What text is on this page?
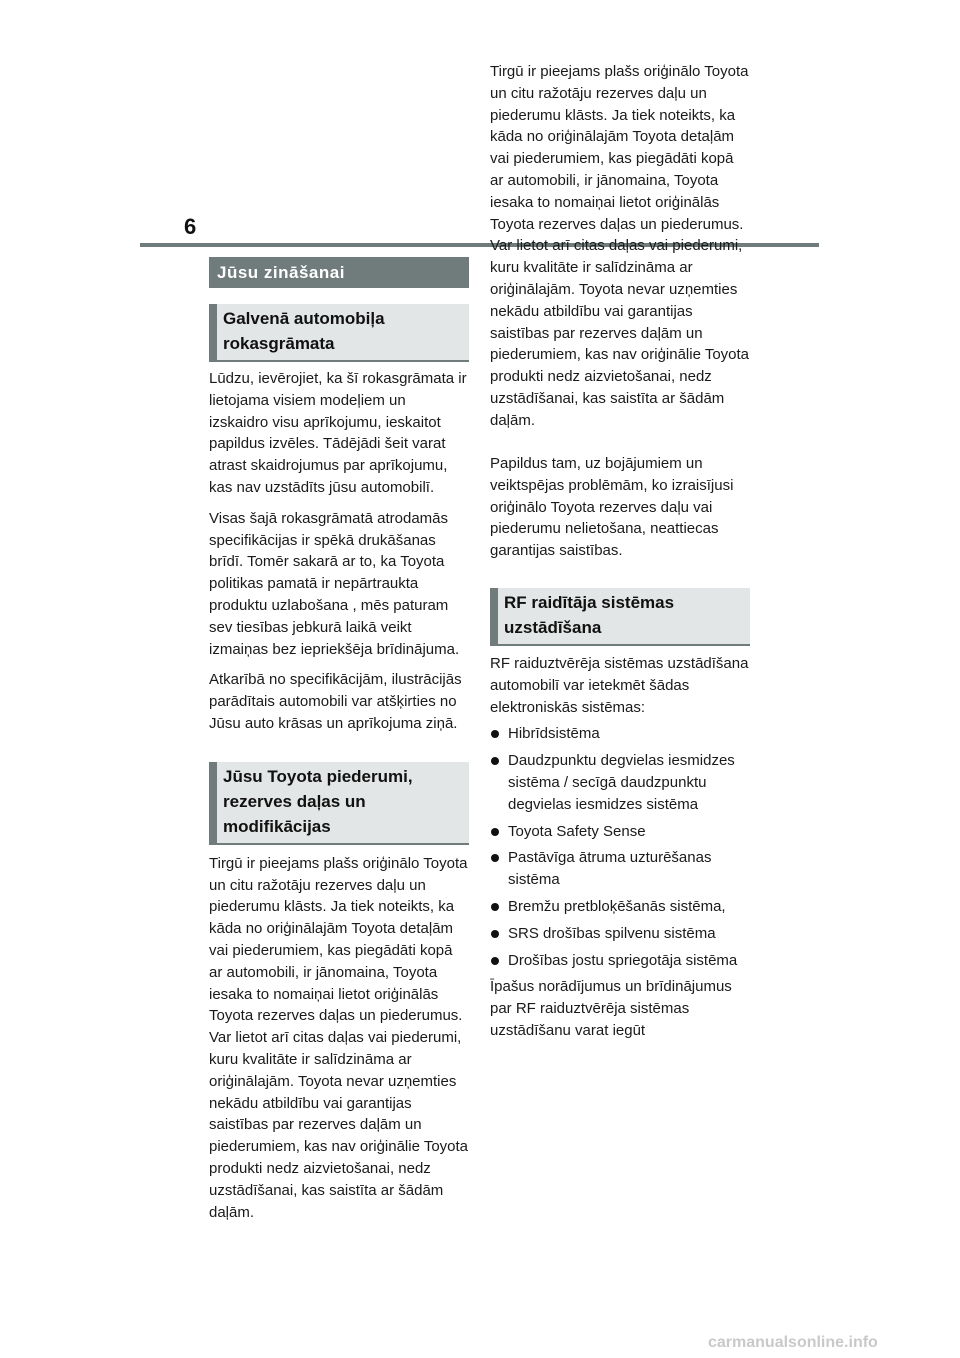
6
Jūsu zināšanai
Galvenā automobiļa rokasgrāmata

Lūdzu, ievērojiet, ka šī rokasgrāmata ir lietojama visiem modeļiem un izskaidro visu aprīkojumu, ieskaitot papildus izvēles. Tādējādi šeit varat atrast skaidrojumus par aprīkojumu, kas nav uzstādīts jūsu automobilī.

Visas šajā rokasgrāmatā atrodamās specifikācijas ir spēkā drukāšanas brīdī. Tomēr sakarā ar to, ka Toyota politikas pamatā ir nepārtraukta produktu uzlabošana , mēs paturam sev tiesības jebkurā laikā veikt izmaiņas bez iepriekšēja brīdinājuma.

Atkarībā no specifikācijām, ilustrācijās parādītais automobili var atšķirties no Jūsu auto krāsas un aprīkojuma ziņā.

Jūsu Toyota piederumi, rezerves daļas un modifikācijas

Tirgū ir pieejams plašs oriģinālo Toyota un citu ražotāju rezerves daļu un piederumu klāsts. Ja tiek noteikts, ka kāda no oriģinālajām Toyota detaļām vai piederumiem, kas piegādāti kopā ar automobili, ir jānomaina, Toyota iesaka to nomaiņai lietot oriģinālās Toyota rezerves daļas un piederumus. Var lietot arī citas daļas vai piederumi, kuru kvalitāte ir salīdzināma ar oriģinālajām. Toyota nevar uzņemties nekādu atbildību vai garantijas saistības par rezerves daļām un piederumiem, kas nav oriģinālie Toyota produkti nedz aizvietošanai, nedz uzstādīšanai, kas saistīta ar šādām daļām.

Tirgū ir pieejams plašs oriģinālo Toyota un citu ražotāju rezerves daļu un piederumu klāsts. Ja tiek noteikts, ka kāda no oriģinālajām Toyota detaļām vai piederumiem, kas piegādāti kopā ar automobili, ir jānomaina, Toyota iesaka to nomaiņai lietot oriģinālās Toyota rezerves daļas un piederumus. Var lietot arī citas daļas vai piederumi, kuru kvalitāte ir salīdzināma ar oriģinālajām. Toyota nevar uzņemties nekādu atbildību vai garantijas saistības par rezerves daļām un piederumiem, kas nav oriģinālie Toyota produkti nedz aizvietošanai, nedz uzstādīšanai, kas saistīta ar šādām daļām.

Papildus tam, uz bojājumiem un veiktspējas problēmām, ko izraisījusi oriģinālo Toyota rezerves daļu vai piederumu nelietošana, neattiecas garantijas saistības.

RF raidītāja sistēmas uzstādīšana

RF raiduztvērēja sistēmas uzstādīšana automobilī var ietekmēt šādas elektroniskās sistēmas:

Hibrīdsistēma
Daudzpunktu degvielas iesmidzes sistēma / secīgā daudzpunktu degvielas iesmidzes sistēma
Toyota Safety Sense
Pastāvīga ātruma uzturēšanas sistēma
Bremžu pretbloķēšanās sistēma,
SRS drošības spilvenu sistēma
Drošības jostu spriegotāja sistēma

Īpašus norādījumus un brīdinājumus par RF raiduztvērēja sistēmas uzstādīšanu varat iegūt

carmanualsonline.info
